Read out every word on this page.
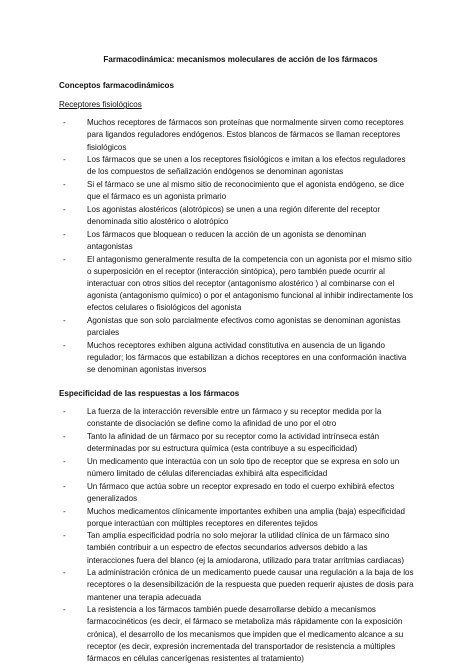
Farmacodinámica: mecanismos moleculares de acción de los fármacos

Conceptos farmacodinámicos

Receptores fisiológicos

-	Muchos receptores de fármacos son proteínas que normalmente sirven como receptores para ligandos reguladores endógenos. Estos blancos de fármacos se llaman receptores fisiológicos
-	Los fármacos que se unen a los receptores fisiológicos e imitan a los efectos reguladores de los compuestos de señalización endógenos se denominan agonistas
-	Si el fármaco se une al mismo sitio de reconocimiento que el agonista endógeno, se dice que el fármaco es un agonista primario
-	Los agonistas alostéricos (alotrópicos) se unen a una región diferente del receptor denominada sitio alostérico o alotrópico
-	Los fármacos que bloquean o reducen la acción de un agonista se denominan antagonistas
-	El antagonismo generalmente resulta de la competencia con un agonista por el mismo sitio o superposición en el receptor (interacción sintópica), pero también puede ocurrir al interactuar con otros sitios del receptor (antagonismo alostérico ) al combinarse con el agonista (antagonismo químico) o por el antagonismo funcional al inhibir indirectamente los efectos celulares o fisiológicos del agonista
-	Agonistas que son solo parcialmente efectivos como agonistas se denominan agonistas parciales
-	Muchos receptores exhiben alguna actividad constitutiva en ausencia de un ligando regulador; los fármacos que estabilizan a dichos receptores en una conformación inactiva se denominan agonistas inversos

Especificidad de las respuestas a los fármacos

-	La fuerza de la interacción reversible entre un fármaco y su receptor medida por la constante de disociación se define como la afinidad de uno por el otro
-	Tanto la afinidad de un fármaco por su receptor como la actividad intrínseca están determinadas por su estructura química (esta contribuye a su especificidad)
-	Un medicamento que interactúa con un solo tipo de receptor que se expresa en solo un número limitado de células diferenciadas exhibirá alta especificidad
-	Un fármaco que actúa sobre un receptor expresado en todo el cuerpo exhibirá efectos generalizados
-	Muchos medicamentos clínicamente importantes exhiben una amplia (baja) especificidad porque interactúan con múltiples receptores en diferentes tejidos
-	Tan amplia especificidad podría no solo mejorar la utilidad clínica de un fármaco sino también contribuir a un espectro de efectos secundarios adversos debido a las interacciones fuera del blanco (ej la amiodarona, utilizado para tratar arritmias cardiacas)
-	La administración crónica de un medicamento puede causar una regulación a la baja de los receptores o la desensibilización de la respuesta que pueden requerir ajustes de dosis para mantener una terapia adecuada
-	La resistencia a los fármacos también puede desarrollarse debido a mecanismos farmacocinéticos (es decir, el fármaco se metaboliza más rápidamente con la exposición crónica), el desarrollo de los mecanismos que impiden que el medicamento alcance a su receptor (es decir, expresión incrementada del transportador de resistencia a múltiples fármacos en células cancerígenas resistentes al tratamiento)
